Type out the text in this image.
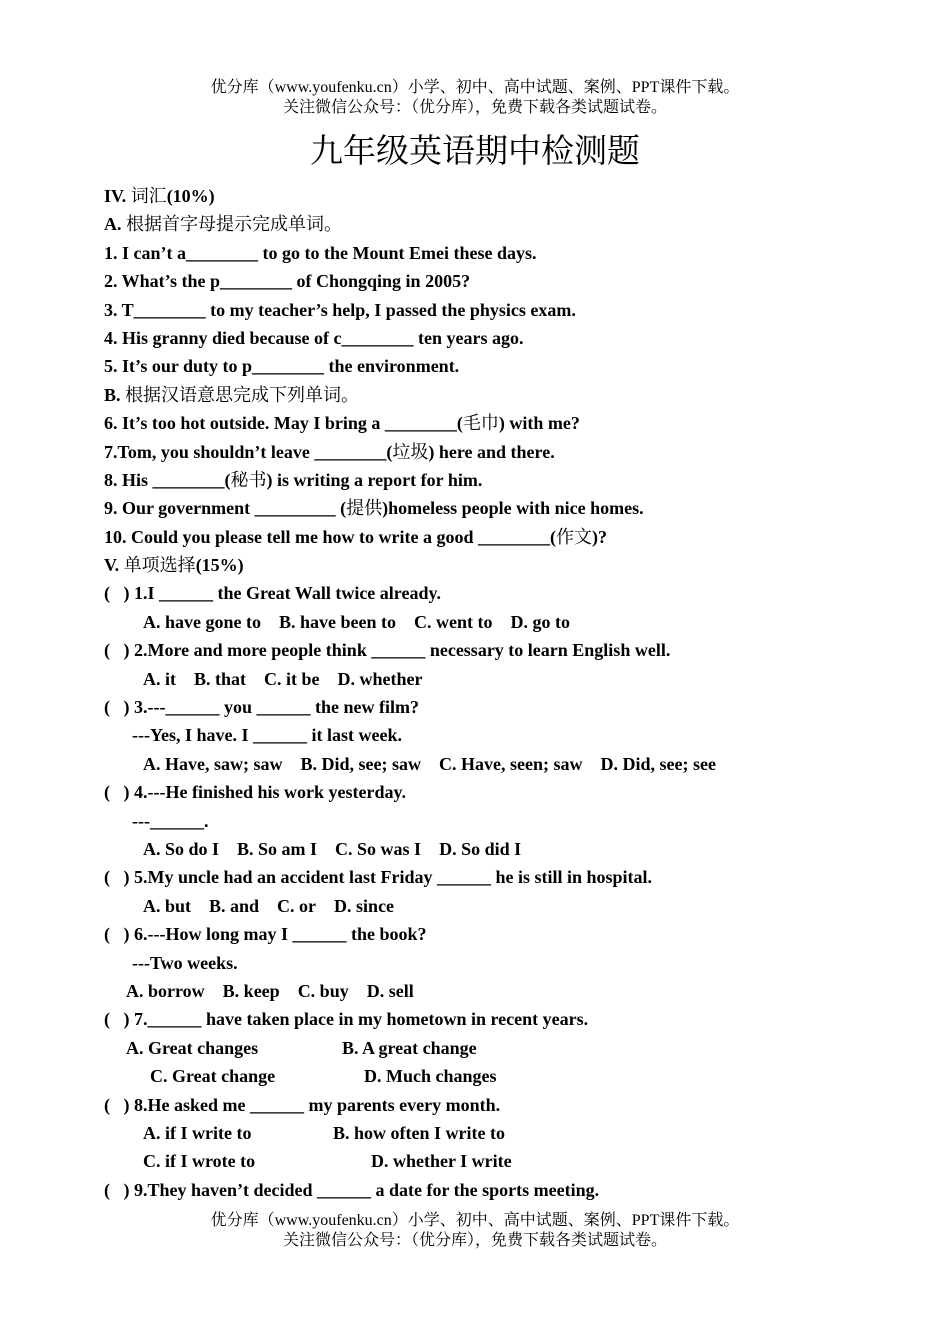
优分库（www.youfenku.cn）小学、初中、高中试题、案例、PPT课件下载。
关注微信公众号：（优分库），免费下载各类试题试卷。
九年级英语期中检测题
IV. 词汇(10%)
A. 根据首字母提示完成单词。
1. I can’t a________ to go to the Mount Emei these days.
2. What’s the p________ of Chongqing in 2005?
3. T________ to my teacher’s help, I passed the physics exam.
4. His granny died because of c________ ten years ago.
5. It’s our duty to p________ the environment.
B. 根据汉语意思完成下列单词。
6. It’s too hot outside. May I bring a ________(毛巾) with me?
7.Tom, you shouldn’t leave ________(垃圾) here and there.
8. His ________(秘书) is writing a report for him.
9. Our government _________ (提供)homeless people with nice homes.
10. Could you please tell me how to write a good ________(作文)?
V. 单项选择(15%)
(   ) 1.I ______ the Great Wall twice already.
A. have gone to B. have been to C. went to D. go to
(   ) 2.More and more people think ______ necessary to learn English well.
A. it B. that C. it be D. whether
(   ) 3.---______ you ______ the new film?
---Yes, I have. I ______ it last week.
A. Have, saw; saw B. Did, see; saw C. Have, seen; saw D. Did, see; see
(   ) 4.---He finished his work yesterday.
---______.
A. So do I B. So am I C. So was I D. So did I
(   ) 5.My uncle had an accident last Friday ______ he is still in hospital.
A. but B. and C. or D. since
(   ) 6.---How long may I ______ the book?
---Two weeks.
A. borrow B. keep C. buy D. sell
(   ) 7.______ have taken place in my hometown in recent years.
A. Great changes	B. A great change
C. Great change	D. Much changes
(   ) 8.He asked me ______ my parents every month.
A. if I write to	B. how often I write to
C. if I wrote to	D. whether I write
(   ) 9.They haven’t decided ______ a date for the sports meeting.
优分库（www.youfenku.cn）小学、初中、高中试题、案例、PPT课件下载。
关注微信公众号：（优分库），免费下载各类试题试卷。
